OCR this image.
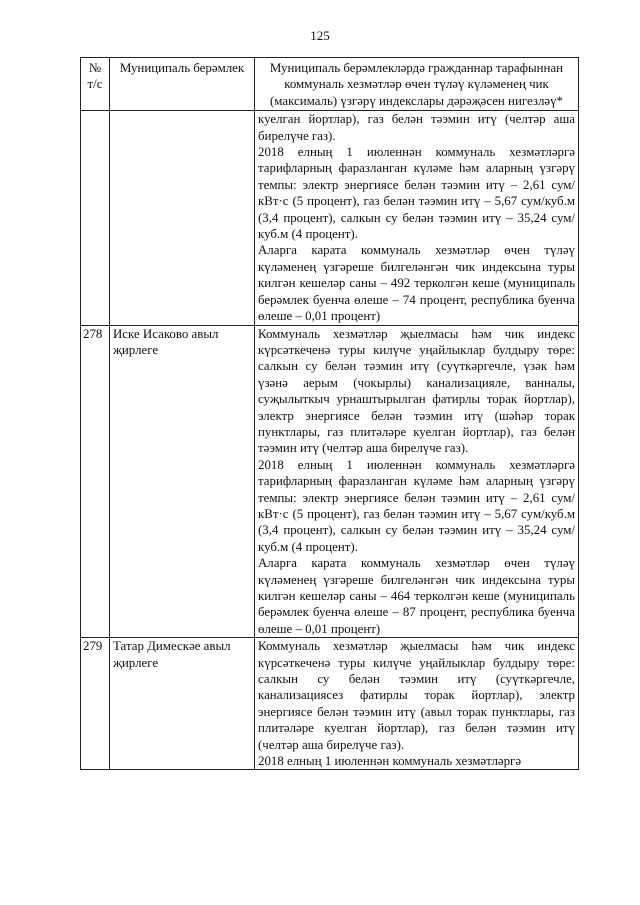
125
№ т/с	Муниципаль берәмлек	Муниципаль берәмлекләрдә гражданнар тарафыннан коммуналь хезмәтләр өчен түләү күләменең чик (максималь) үзгәрү индекслары дәрәҗәсен нигезләү*

		куелган йортлар), газ белән тәэмин итү (челтәр аша бирелүче газ).

2018 елның 1 июленнән коммуналь хезмәтләргә тарифларның фаразланган күләме һәм аларның үзгәрү темпы: электр энергиясе белән тәэмин итү – 2,61 сум/кВт·с (5 процент), газ белән тәэмин итү – 5,67 сум/куб.м (3,4 процент), салкын су белән тәэмин итү – 35,24 сум/куб.м (4 процент).

Аларга карата коммуналь хезмәтләр өчен түләү күләменең үзгәреше билгеләнгән чик индексына туры килгән кешеләр саны – 492 терколгән кеше (муниципаль берәмлек буенча өлеше – 74 процент, республика буенча өлеше – 0,01 процент)

278	Иске Исаково авыл җирлеге	Коммуналь хезмәтләр җыелмасы һәм чик индекс күрсәткеченә туры килүче уңайлыклар булдыру төре: салкын су белән тәэмин итү (суүткәргечле, үзәк һәм үзәнә аерым (чокырлы) канализацияле, ванналы, суҗылыткыч урнаштырылган фатирлы торак йортлар), электр энергиясе белән тәэмин итү (шәһәр торак пунктлары, газ плитәләре куелган йортлар), газ белән тәэмин итү (челтәр аша бирелүче газ).

2018 елның 1 июленнән коммуналь хезмәтләргә тарифларның фаразланган күләме һәм аларның үзгәрү темпы: электр энергиясе белән тәэмин итү – 2,61 сум/кВт·с (5 процент), газ белән тәэмин итү – 5,67 сум/куб.м (3,4 процент), салкын су белән тәэмин итү – 35,24 сум/куб.м (4 процент).

Аларга карата коммуналь хезмәтләр өчен түләү күләменең үзгәреше билгеләнгән чик индексына туры килгән кешеләр саны – 464 терколгән кеше (муниципаль берәмлек буенча өлеше – 87 процент, республика буенча өлеше – 0,01 процент)

279	Татар Димескәе авыл җирлеге	Коммуналь хезмәтләр җыелмасы һәм чик индекс күрсәткеченә туры килүче уңайлыклар булдыру төре: салкын су белән тәэмин итү (суүткәргечле, канализациясез фатирлы торак йортлар), электр энергиясе белән тәэмин итү (авыл торак пунктлары, газ плитәләре куелган йортлар), газ белән тәэмин итү (челтәр аша бирелүче газ).

2018 елның 1 июленнән коммуналь хезмәтләргә
